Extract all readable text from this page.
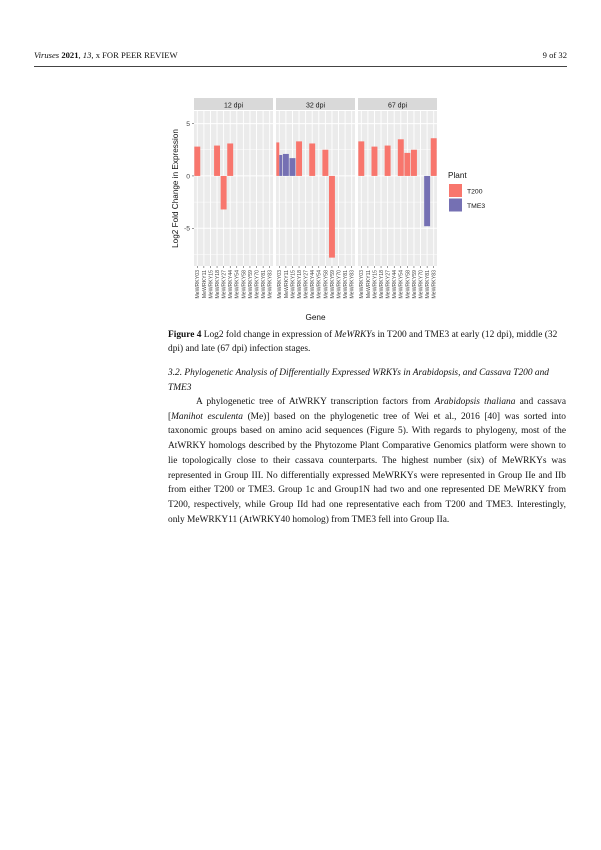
Viruses 2021, 13, x FOR PEER REVIEW	9 of 32
12 dpi
MeWRKY03 MeWRKY11 MeWRKY15 MeWRKY18 MeWRKY27 MeWRKY44 MeWRKY54 MeWRKY58 MeWRKY59 MeWRKY70 MeWRKY81 MeWRKY83
32 dpi
MeWRKY03 MeWRKY11 MeWRKY15 MeWRKY18 MeWRKY27 MeWRKY44 MeWRKY54 MeWRKY58 MeWRKY59 MeWRKY70 MeWRKY81 MeWRKY83
67 dpi
MeWRKY03 MeWRKY11 MeWRKY15 MeWRKY18 MeWRKY27 MeWRKY44 MeWRKY54 MeWRKY58 MeWRKY59 MeWRKY70 MeWRKY81 MeWRKY83
-5
0
5
Log2 Fold Change in Expression
Gene
Plant
T200
TME3
Figure 4 Log2 fold change in expression of MeWRKYs in T200 and TME3 at early (12 dpi), middle (32 dpi) and late (67 dpi) infection stages.
3.2. Phylogenetic Analysis of Differentially Expressed WRKYs in Arabidopsis, and Cassava T200 and TME3
A phylogenetic tree of AtWRKY transcription factors from Arabidopsis thaliana and cassava [Manihot esculenta (Me)] based on the phylogenetic tree of Wei et al., 2016 [40] was sorted into taxonomic groups based on amino acid sequences (Figure 5). With regards to phylogeny, most of the AtWRKY homologs described by the Phytozome Plant Comparative Genomics platform were shown to lie topologically close to their cassava counterparts. The highest number (six) of MeWRKYs was represented in Group III. No differentially expressed MeWRKYs were represented in Group IIe and IIb from either T200 or TME3. Group 1c and Group1N had two and one represented DE MeWRKY from T200, respectively, while Group IId had one representative each from T200 and TME3. Interestingly, only MeWRKY11 (AtWRKY40 homolog) from TME3 fell into Group IIa.
